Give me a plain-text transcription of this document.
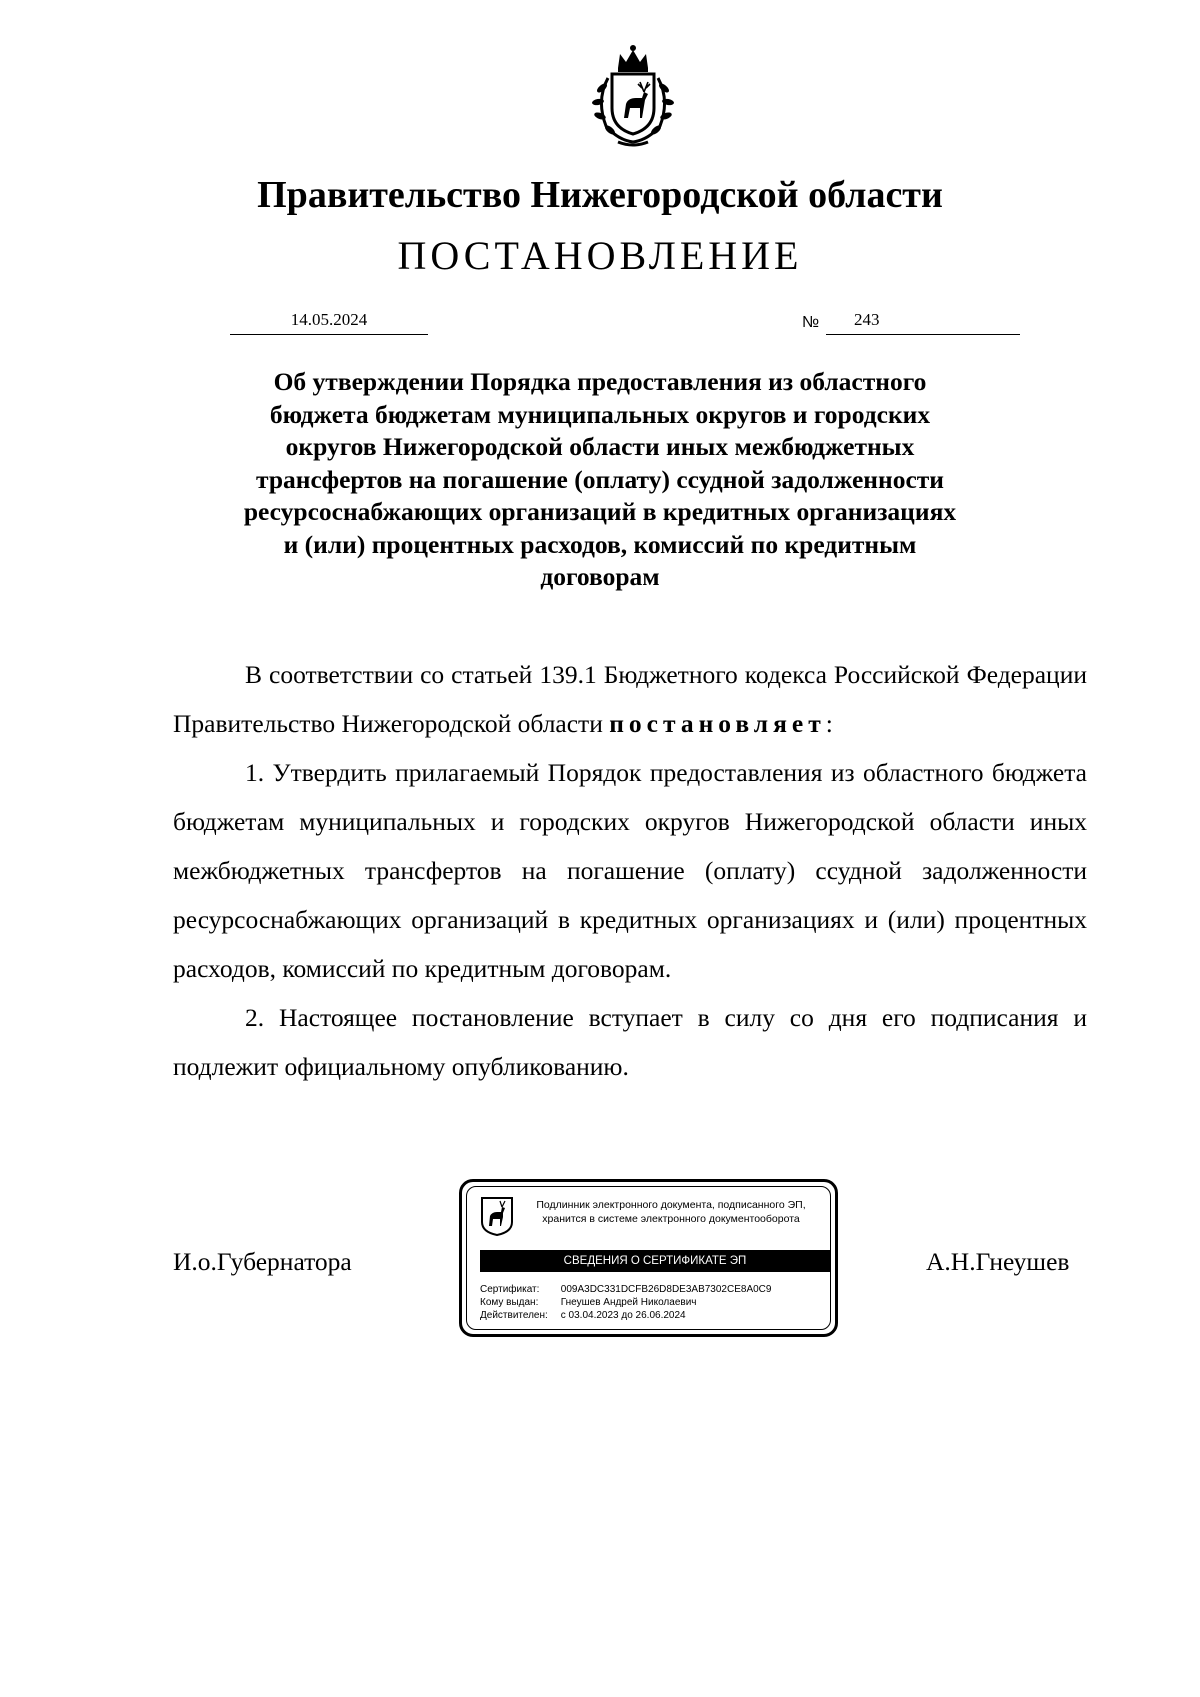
Правительство Нижегородской области
ПОСТАНОВЛЕНИЕ
14.05.2024	№	243
Об утверждении Порядка предоставления из областного
бюджета бюджетам муниципальных округов и городских
округов Нижегородской области иных межбюджетных
трансфертов на погашение (оплату) ссудной задолженности
ресурсоснабжающих организаций в кредитных организациях
и (или) процентных расходов, комиссий по кредитным
договорам

В соответствии со статьей 139.1 Бюджетного кодекса Российской Федерации Правительство Нижегородской области постановляет:

1. Утвердить прилагаемый Порядок предоставления из областного бюджета бюджетам муниципальных и городских округов Нижегородской области иных межбюджетных трансфертов на погашение (оплату) ссудной задолженности ресурсоснабжающих организаций в кредитных организациях и (или) процентных расходов, комиссий по кредитным договорам.

2. Настоящее постановление вступает в силу со дня его подписания и подлежит официальному опубликованию.

И.о.Губернатора	А.Н.Гнеушев
Подлинник электронного документа, подписанного ЭП,
хранится в системе электронного документооборота
СВЕДЕНИЯ О СЕРТИФИКАТЕ ЭП
Сертификат: 009A3DC331DCFB26D8DE3AB7302CE8A0C9
Кому выдан: Гнеушев Андрей Николаевич
Действителен: с 03.04.2023 до 26.06.2024
